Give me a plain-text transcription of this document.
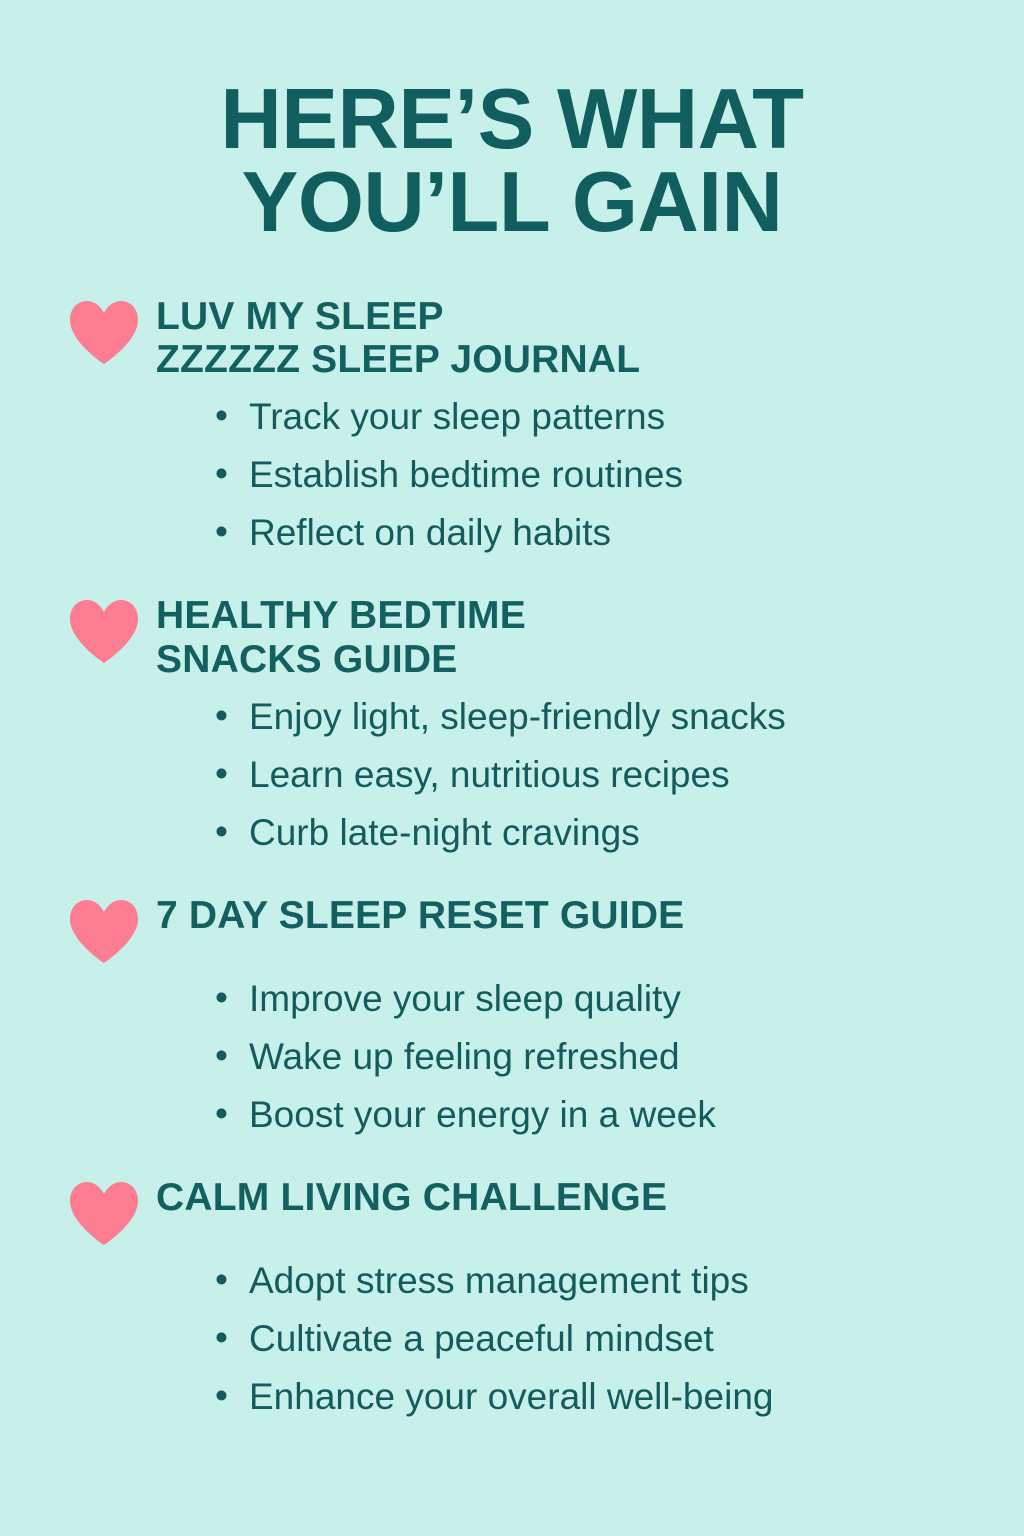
HERE’S WHAT
YOU’LL GAIN
LUV MY SLEEP
ZZZZZZ SLEEP JOURNAL
• Track your sleep patterns
• Establish bedtime routines
• Reflect on daily habits
HEALTHY BEDTIME
SNACKS GUIDE
• Enjoy light, sleep-friendly snacks
• Learn easy, nutritious recipes
• Curb late-night cravings
7 DAY SLEEP RESET GUIDE
• Improve your sleep quality
• Wake up feeling refreshed
• Boost your energy in a week
CALM LIVING CHALLENGE
• Adopt stress management tips
• Cultivate a peaceful mindset
• Enhance your overall well-being
